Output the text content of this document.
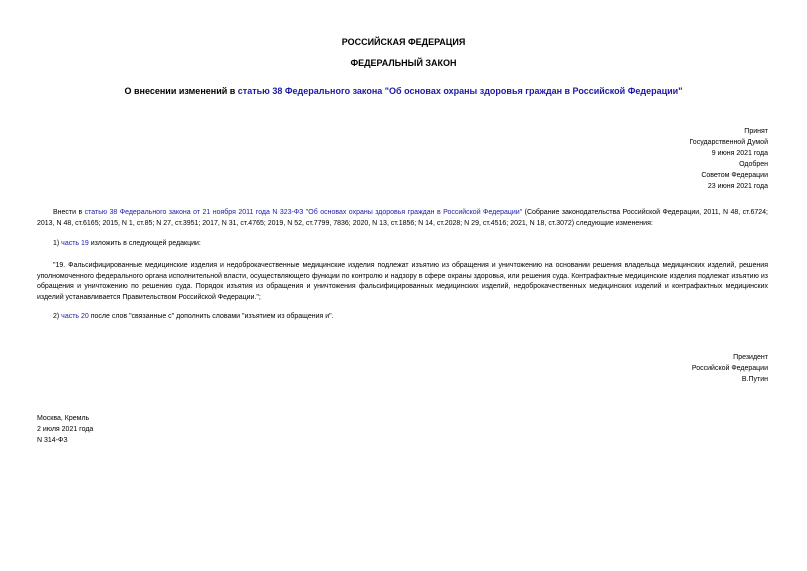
РОССИЙСКАЯ ФЕДЕРАЦИЯ
ФЕДЕРАЛЬНЫЙ ЗАКОН
О внесении изменений в статью 38 Федерального закона "Об основах охраны здоровья граждан в Российской Федерации"
Принят
Государственной Думой
9 июня 2021 года
Одобрен
Советом Федерации
23 июня 2021 года
Внести в статью 38 Федерального закона от 21 ноября 2011 года N 323-ФЗ "Об основах охраны здоровья граждан в Российской Федерации" (Собрание законодательства Российской Федерации, 2011, N 48, ст.6724; 2013, N 48, ст.6165; 2015, N 1, ст.85; N 27, ст.3951; 2017, N 31, ст.4765; 2019, N 52, ст.7799, 7836; 2020, N 13, ст.1856; N 14, ст.2028; N 29, ст.4516; 2021, N 18, ст.3072) следующие изменения:
1) часть 19 изложить в следующей редакции:
"19. Фальсифицированные медицинские изделия и недоброкачественные медицинские изделия подлежат изъятию из обращения и уничтожению на основании решения владельца медицинских изделий, решения уполномоченного федерального органа исполнительной власти, осуществляющего функции по контролю и надзору в сфере охраны здоровья, или решения суда. Контрафактные медицинские изделия подлежат изъятию из обращения и уничтожению по решению суда. Порядок изъятия из обращения и уничтожения фальсифицированных медицинских изделий, недоброкачественных медицинских изделий и контрафактных медицинских изделий устанавливается Правительством Российской Федерации.";
2) часть 20 после слов "связанные с" дополнить словами "изъятием из обращения и".
Президент
Российской Федерации
В.Путин
Москва, Кремль
2 июля 2021 года
N 314-ФЗ
